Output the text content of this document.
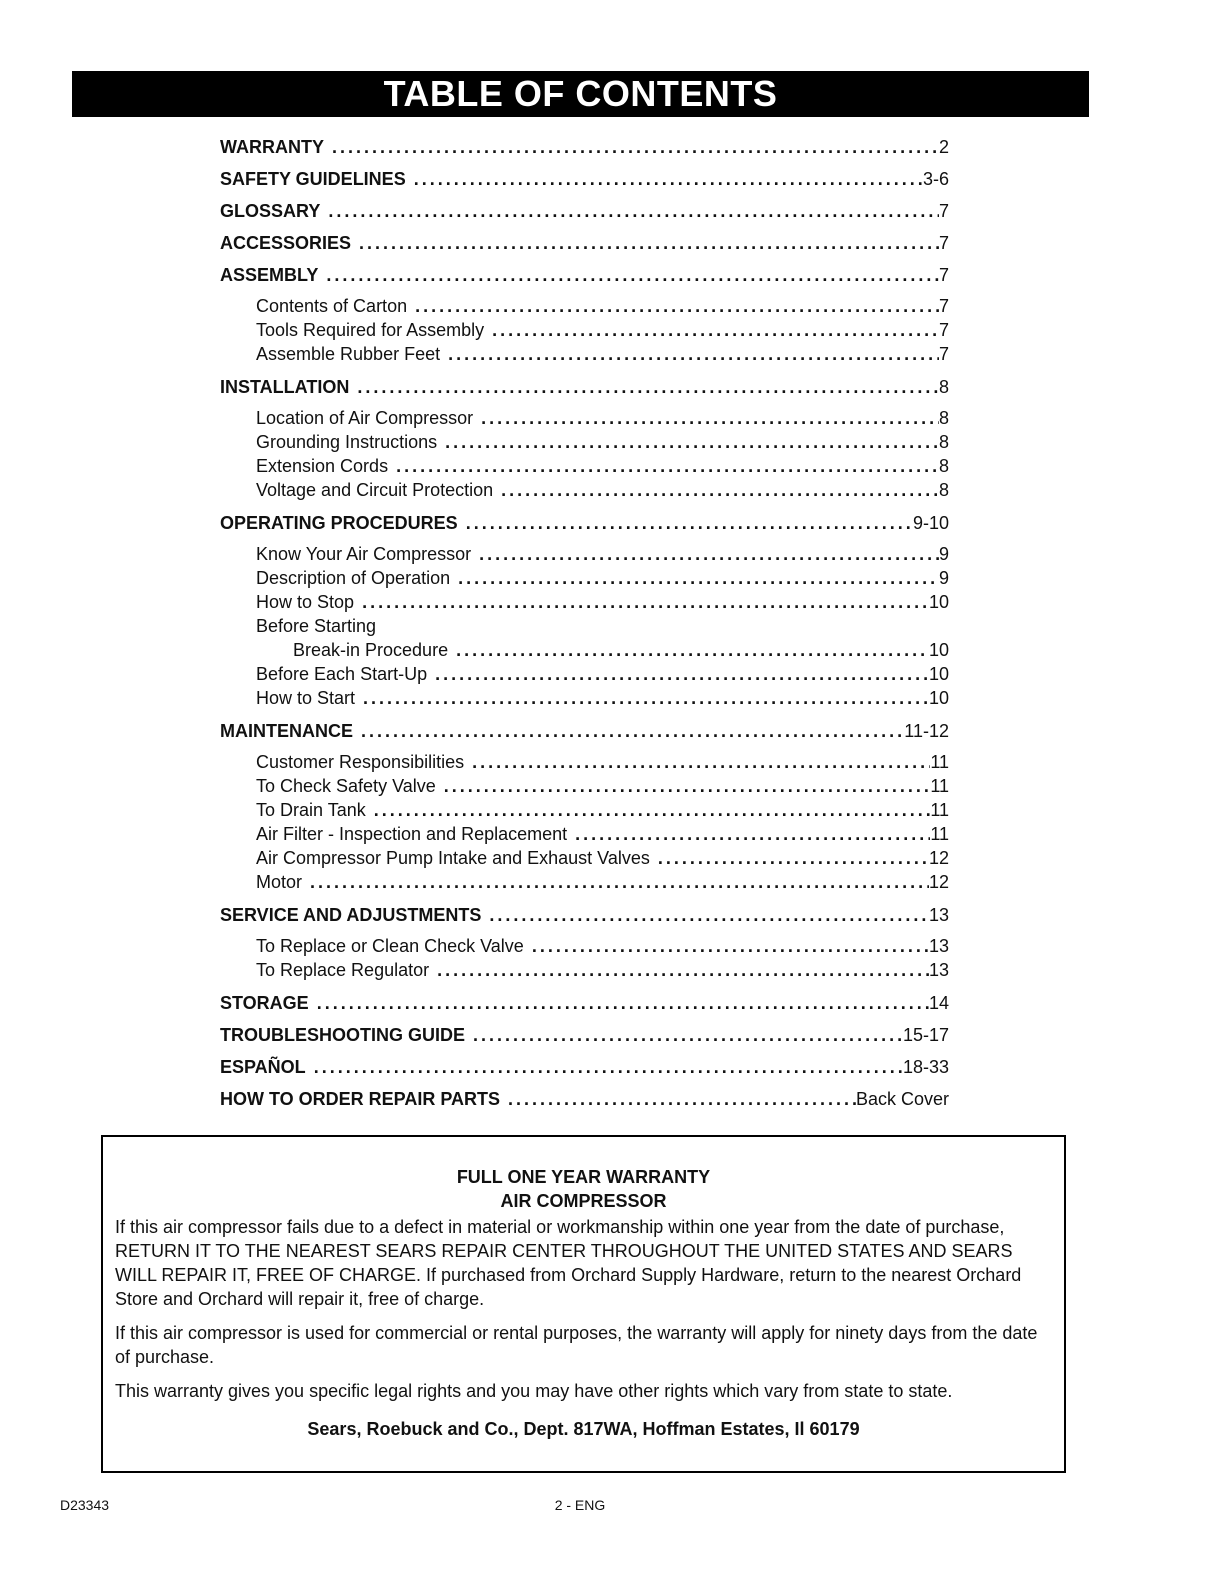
TABLE OF CONTENTS
WARRANTY .....	2
SAFETY GUIDELINES .....	3-6
GLOSSARY .....	7
ACCESSORIES .....	7
ASSEMBLY .....	7
Contents of Carton .....	7
Tools Required for Assembly .....	7
Assemble Rubber Feet .....	7
INSTALLATION .....	8
Location of Air Compressor .....	8
Grounding Instructions .....	8
Extension Cords .....	8
Voltage and Circuit Protection .....	8
OPERATING PROCEDURES .....	9-10
Know Your Air Compressor .....	9
Description of Operation .....	9
How to Stop .....	10
Before Starting
Break-in Procedure .....	10
Before Each Start-Up .....	10
How to Start .....	10
MAINTENANCE .....	11-12
Customer Responsibilities .....	11
To Check Safety Valve .....	11
To Drain Tank .....	11
Air Filter - Inspection and Replacement .....	11
Air Compressor Pump Intake and Exhaust Valves .....	12
Motor .....	12
SERVICE AND ADJUSTMENTS .....	13
To Replace or Clean Check Valve .....	13
To Replace Regulator .....	13
STORAGE .....	14
TROUBLESHOOTING GUIDE .....	15-17
ESPAÑOL .....	18-33
HOW TO ORDER REPAIR PARTS .....	Back Cover
FULL ONE YEAR WARRANTY
AIR COMPRESSOR

If this air compressor fails due to a defect in material or workmanship within one year from the date of purchase, RETURN IT TO THE NEAREST SEARS REPAIR CENTER THROUGHOUT THE UNITED STATES AND SEARS WILL REPAIR IT, FREE OF CHARGE. If purchased from Orchard Supply Hardware, return to the nearest Orchard Store and Orchard will repair it, free of charge.

If this air compressor is used for commercial or rental purposes, the warranty will apply for ninety days from the date of purchase.

This warranty gives you specific legal rights and you may have other rights which vary from state to state.

Sears, Roebuck and Co., Dept. 817WA, Hoffman Estates, Il 60179
D23343	2 - ENG
